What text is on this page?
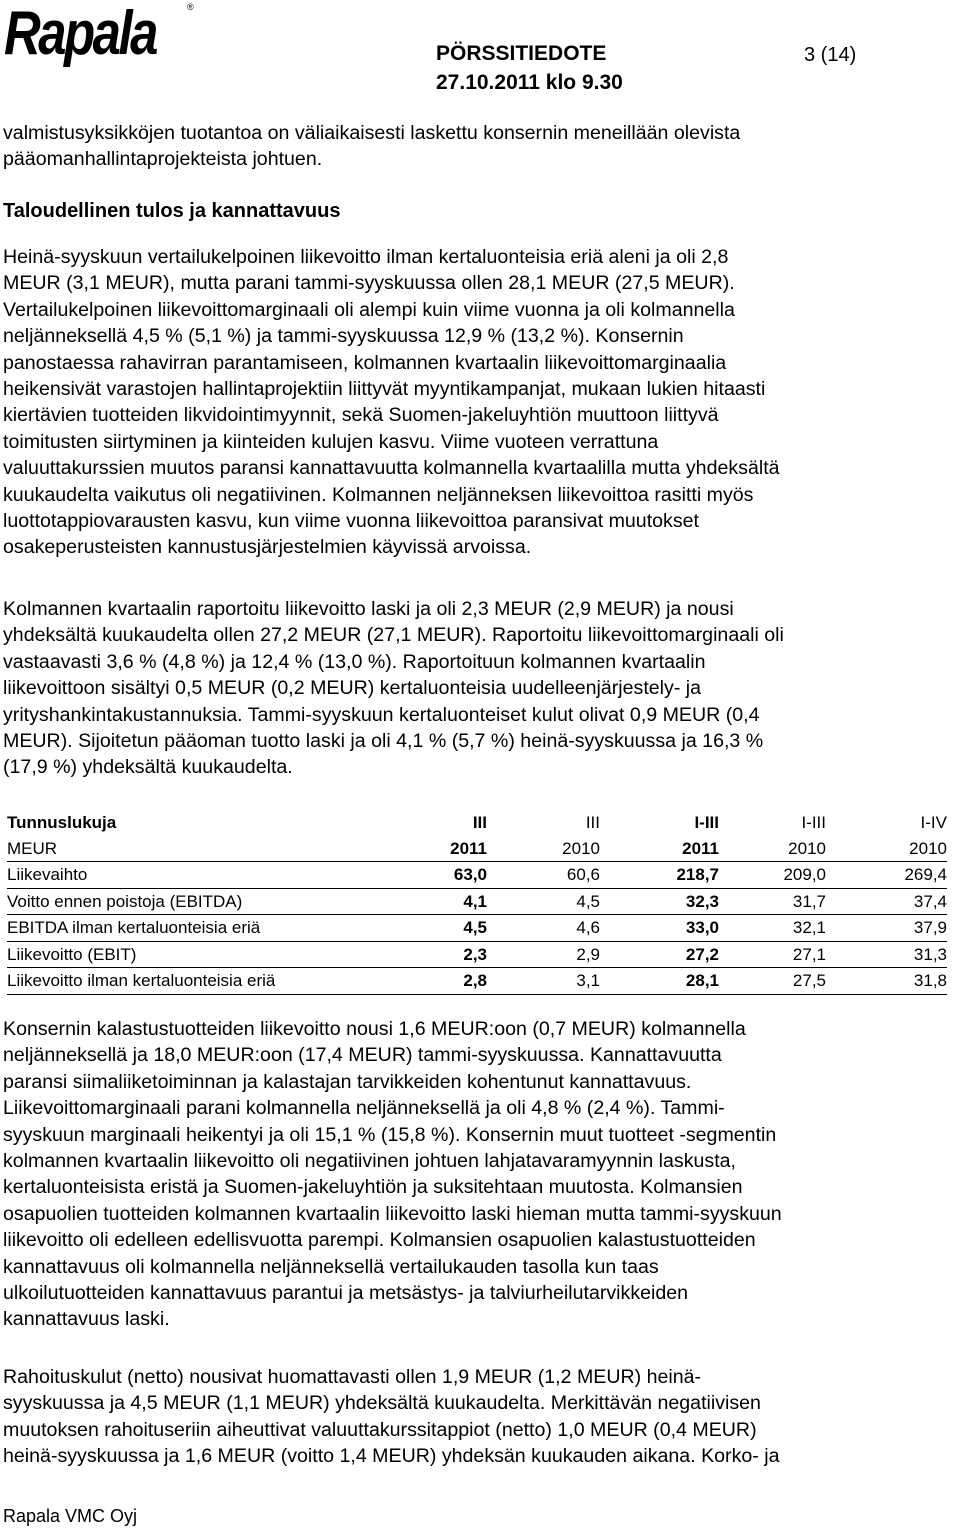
Rapala	®
PÖRSSITIEDOTE	3 (14)
27.10.2011 klo 9.30

valmistusyksikköjen tuotantoa on väliaikaisesti laskettu konsernin meneillään olevista
pääomanhallintaprojekteista johtuen.

Taloudellinen tulos ja kannattavuus

Heinä-syyskuun vertailukelpoinen liikevoitto ilman kertaluonteisia eriä aleni ja oli 2,8
MEUR (3,1 MEUR), mutta parani tammi-syyskuussa ollen 28,1 MEUR (27,5 MEUR).
Vertailukelpoinen liikevoittomarginaali oli alempi kuin viime vuonna ja oli kolmannella
neljänneksellä 4,5 % (5,1 %) ja tammi-syyskuussa 12,9 % (13,2 %). Konsernin
panostaessa rahavirran parantamiseen, kolmannen kvartaalin liikevoittomarginaalia
heikensivät varastojen hallintaprojektiin liittyvät myyntikampanjat, mukaan lukien hitaasti
kiertävien tuotteiden likvidointimyynnit, sekä Suomen-jakeluyhtiön muuttoon liittyvä
toimitusten siirtyminen ja kiinteiden kulujen kasvu. Viime vuoteen verrattuna
valuuttakurssien muutos paransi kannattavuutta kolmannella kvartaalilla mutta yhdeksältä
kuukaudelta vaikutus oli negatiivinen. Kolmannen neljänneksen liikevoittoa rasitti myös
luottotappiovarausten kasvu, kun viime vuonna liikevoittoa paransivat muutokset
osakeperusteisten kannustusjärjestelmien käyvissä arvoissa.

Kolmannen kvartaalin raportoitu liikevoitto laski ja oli 2,3 MEUR (2,9 MEUR) ja nousi
yhdeksältä kuukaudelta ollen 27,2 MEUR (27,1 MEUR). Raportoitu liikevoittomarginaali oli
vastaavasti 3,6 % (4,8 %) ja 12,4 % (13,0 %). Raportoituun kolmannen kvartaalin
liikevoittoon sisältyi 0,5 MEUR (0,2 MEUR) kertaluonteisia uudelleenjärjestely- ja
yrityshankintakustannuksia. Tammi-syyskuun kertaluonteiset kulut olivat 0,9 MEUR (0,4
MEUR). Sijoitetun pääoman tuotto laski ja oli 4,1 % (5,7 %) heinä-syyskuussa ja 16,3 %
(17,9 %) yhdeksältä kuukaudelta.

Tunnuslukuja	III	III	I-III	I-III	I-IV
MEUR	2011	2010	2011	2010	2010
Liikevaihto	63,0	60,6	218,7	209,0	269,4
Voitto ennen poistoja (EBITDA)	4,1	4,5	32,3	31,7	37,4
EBITDA ilman kertaluonteisia eriä	4,5	4,6	33,0	32,1	37,9
Liikevoitto (EBIT)	2,3	2,9	27,2	27,1	31,3
Liikevoitto ilman kertaluonteisia eriä	2,8	3,1	28,1	27,5	31,8

Konsernin kalastustuotteiden liikevoitto nousi 1,6 MEUR:oon (0,7 MEUR) kolmannella
neljänneksellä ja 18,0 MEUR:oon (17,4 MEUR) tammi-syyskuussa. Kannattavuutta
paransi siimaliiketoiminnan ja kalastajan tarvikkeiden kohentunut kannattavuus.
Liikevoittomarginaali parani kolmannella neljänneksellä ja oli 4,8 % (2,4 %). Tammi-
syyskuun marginaali heikentyi ja oli 15,1 % (15,8 %). Konsernin muut tuotteet -segmentin
kolmannen kvartaalin liikevoitto oli negatiivinen johtuen lahjatavaramyynnin laskusta,
kertaluonteisista eristä ja Suomen-jakeluyhtiön ja suksitehtaan muutosta. Kolmansien
osapuolien tuotteiden kolmannen kvartaalin liikevoitto laski hieman mutta tammi-syyskuun
liikevoitto oli edelleen edellisvuotta parempi. Kolmansien osapuolien kalastustuotteiden
kannattavuus oli kolmannella neljänneksellä vertailukauden tasolla kun taas
ulkoilutuotteiden kannattavuus parantui ja metsästys- ja talviurheilutarvikkeiden
kannattavuus laski.

Rahoituskulut (netto) nousivat huomattavasti ollen 1,9 MEUR (1,2 MEUR) heinä-
syyskuussa ja 4,5 MEUR (1,1 MEUR) yhdeksältä kuukaudelta. Merkittävän negatiivisen
muutoksen rahoituseriin aiheuttivat valuuttakurssitappiot (netto) 1,0 MEUR (0,4 MEUR)
heinä-syyskuussa ja 1,6 MEUR (voitto 1,4 MEUR) yhdeksän kuukauden aikana. Korko- ja

Rapala VMC Oyj
